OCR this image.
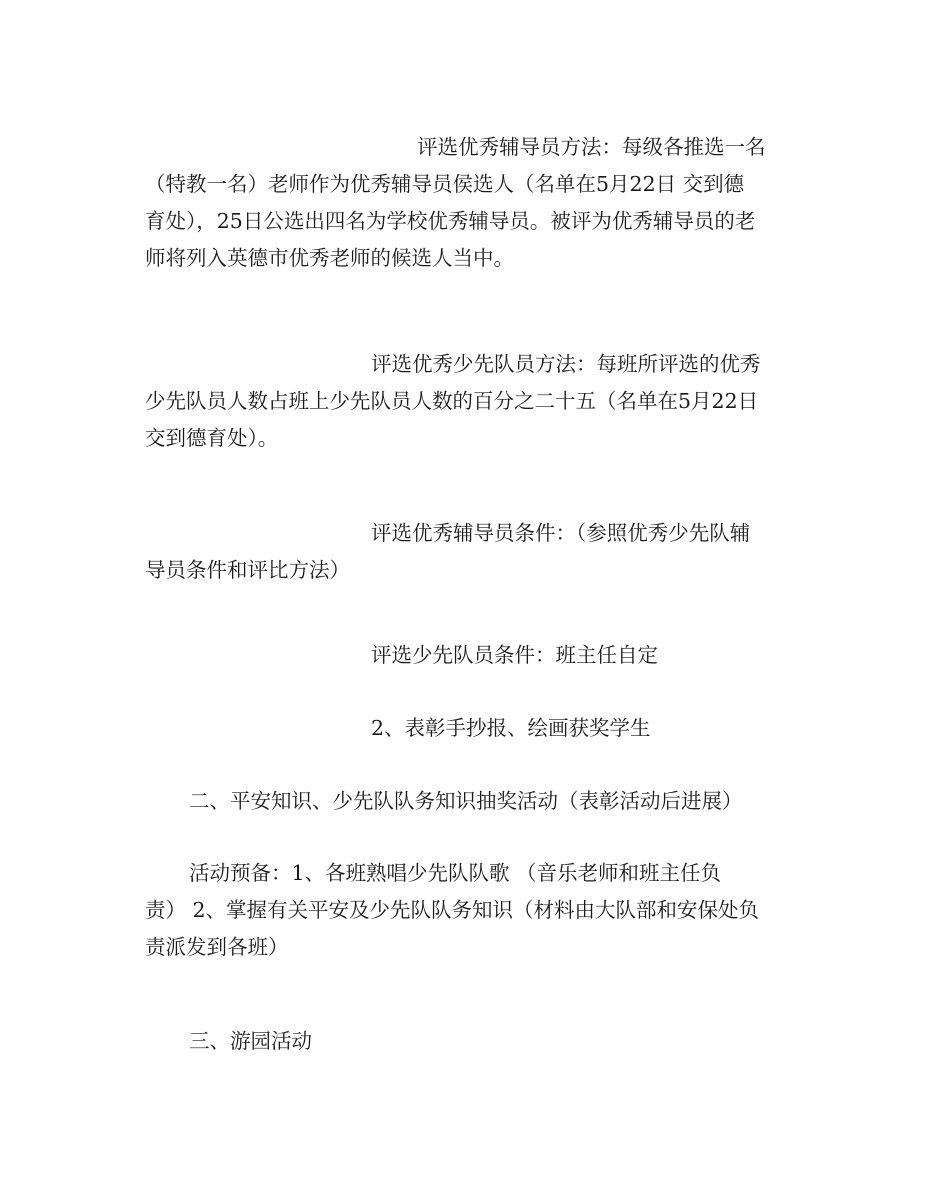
评选优秀辅导员方法：每级各推选一名
（特教一名）老师作为优秀辅导员侯选人（名单在5月22日 交到德
育处），25日公选出四名为学校优秀辅导员。被评为优秀辅导员的老
师将列入英德市优秀老师的候选人当中。
评选优秀少先队员方法：每班所评选的优秀
少先队员人数占班上少先队员人数的百分之二十五（名单在5月22日
交到德育处）。
评选优秀辅导员条件：（参照优秀少先队辅
导员条件和评比方法）
评选少先队员条件：班主任自定
2、表彰手抄报、绘画获奖学生
二、平安知识、少先队队务知识抽奖活动（表彰活动后进展）
活动预备：1、各班熟唱少先队队歌 （音乐老师和班主任负
责） 2、掌握有关平安及少先队队务知识（材料由大队部和安保处负
责派发到各班）
三、游园活动
